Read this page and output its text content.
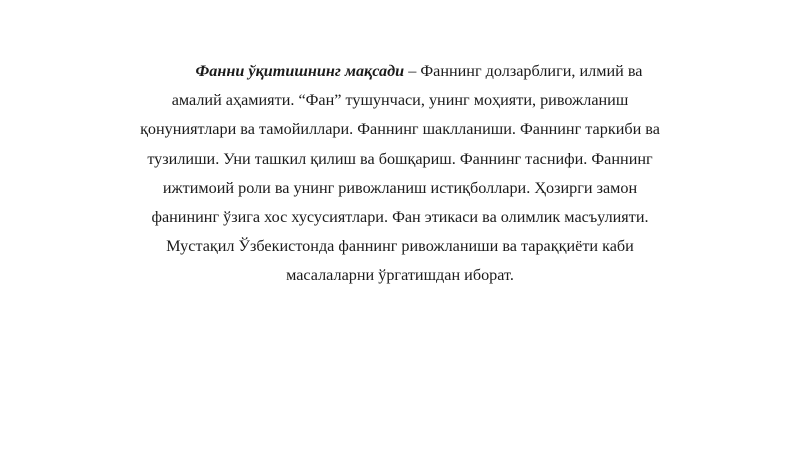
Фанни ўқитишнинг мақсади – Фаннинг долзарблиги, илмий ва
амалий аҳамияти. “Фан” тушунчаси, унинг моҳияти, ривожланиш
қонуниятлари ва тамойиллари. Фаннинг шаклланиши. Фаннинг таркиби ва
тузилиши. Уни ташкил қилиш ва бошқариш. Фаннинг таснифи. Фаннинг
ижтимоий роли ва унинг ривожланиш истиқболлари. Ҳозирги замон
фанининг ўзига хос хусусиятлари. Фан этикаси ва олимлик масъулияти.
Мустақил Ўзбекистонда фаннинг ривожланиши ва тараққиёти каби
масалаларни ўргатишдан иборат.
